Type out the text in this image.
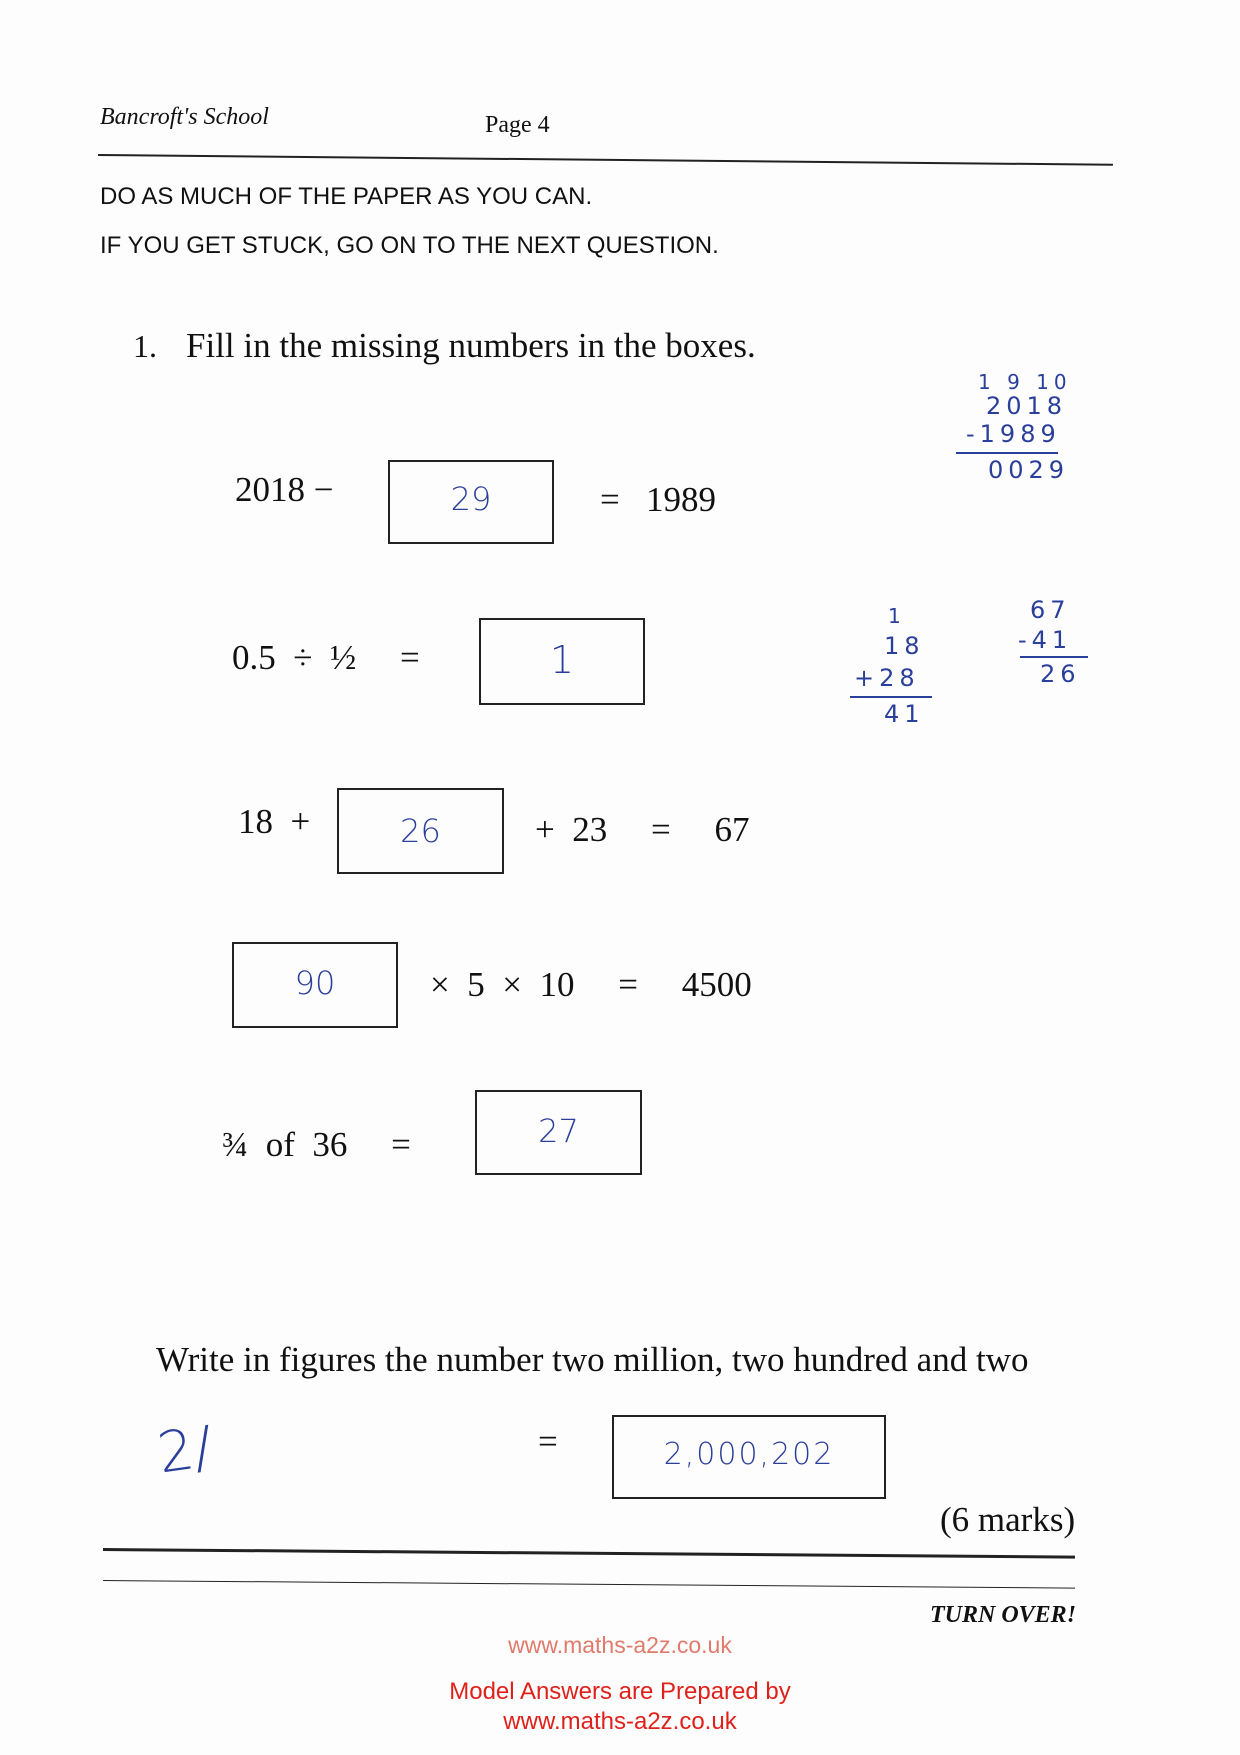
Bancroft's School	Page 4
DO AS MUCH OF THE PAPER AS YOU CAN.
IF YOU GET STUCK, GO ON TO THE NEXT QUESTION.
1. Fill in the missing numbers in the boxes.
2018 −	29	=   1989
0.5  ÷  ½     =	1
18  +	26	+  23     =     67
90	×  5  ×  10     =     4500
¾  of  36     =	27
Write in figures the number two million, two hundred and two
=	2,000,202
2/
(6 marks)
1 9 10
2018
-1989
0029
1
18
+28
41
67
-41
26
TURN OVER!
www.maths-a2z.co.uk
Model Answers are Prepared by
www.maths-a2z.co.uk
